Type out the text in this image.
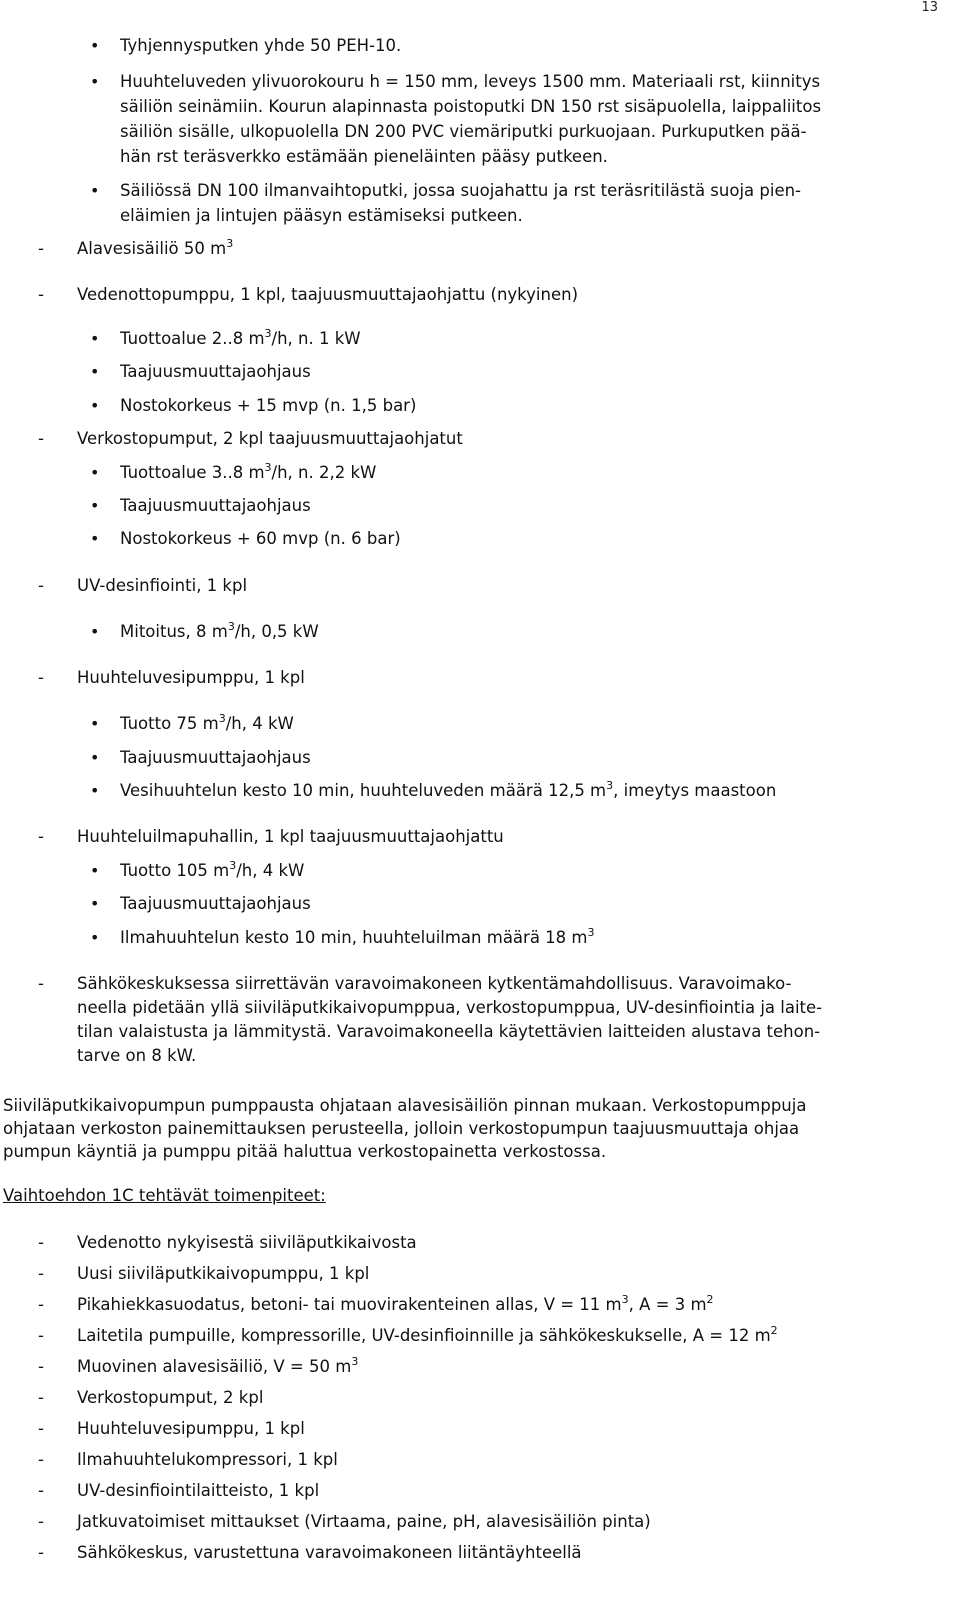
13
• Tyhjennysputken yhde 50 PEH-10.
• Huuhteluveden ylivuorokouru h = 150 mm, leveys 1500 mm. Materiaali rst, kiinnitys
säiliön seinämiin. Kourun alapinnasta poistoputki DN 150 rst sisäpuolella, laippaliitos
säiliön sisälle, ulkopuolella DN 200 PVC viemäriputki purkuojaan. Purkuputken pää-
hän rst teräsverkko estämään pieneläinten pääsy putkeen.
• Säiliössä DN 100 ilmanvaihtoputki, jossa suojahattu ja rst teräsritilästä suoja pien-
eläimien ja lintujen pääsyn estämiseksi putkeen.
- Alavesisäiliö 50 $m^3$
- Vedenottopumppu, 1 kpl, taajuusmuuttajaohjattu (nykyinen)
• Tuottoalue 2..8 $m^3/h$, n. 1 kW
• Taajuusmuuttajaohjaus
• Nostokorkeus + 15 mvp (n. 1,5 bar)
- Verkostopumput, 2 kpl taajuusmuuttajaohjatut
• Tuottoalue 3..8 $m^3/h$, n. 2,2 kW
• Taajuusmuuttajaohjaus
• Nostokorkeus + 60 mvp (n. 6 bar)
- UV-desinfiointi, 1 kpl
• Mitoitus, 8 $m^3/h$, 0,5 kW
- Huuhteluvesipumppu, 1 kpl
• Tuotto 75 $m^3/h$, 4 kW
• Taajuusmuuttajaohjaus
• Vesihuuhtelun kesto 10 min, huuhteluveden määrä 12,5 $m^3$, imeytys maastoon
- Huuhteluilmapuhallin, 1 kpl taajuusmuuttajaohjattu
• Tuotto 105 $m^3/h$, 4 kW
• Taajuusmuuttajaohjaus
• Ilmahuuhtelun kesto 10 min, huuhteluilman määrä 18 $m^3$
- Sähkökeskuksessa siirrettävän varavoimakoneen kytkentämahdollisuus. Varavoimako-
neella pidetään yllä siiviläputkikaivopumppua, verkostopumppua, UV-desinfiointia ja laite-
tilan valaistusta ja lämmitystä. Varavoimakoneella käytettävien laitteiden alustava tehon-
tarve on 8 kW.
Siiviläputkikaivopumpun pumppausta ohjataan alavesisäiliön pinnan mukaan. Verkostopumppuja
ohjataan verkoston painemittauksen perusteella, jolloin verkostopumpun taajuusmuuttaja ohjaa
pumpun käyntiä ja pumppu pitää haluttua verkostopainetta verkostossa.
Vaihtoehdon 1C tehtävät toimenpiteet:
- Vedenotto nykyisestä siiviläputkikaivosta
- Uusi siiviläputkikaivopumppu, 1 kpl
- Pikahiekkasuodatus, betoni- tai muovirakenteinen allas, V = 11 $m^3$, A = 3 $m^2$
- Laitetila pumpuille, kompressorille, UV-desinfioinnille ja sähkökeskukselle, A = 12 $m^2$
- Muovinen alavesisäiliö, V = 50 $m^3$
- Verkostopumput, 2 kpl
- Huuhteluvesipumppu, 1 kpl
- Ilmahuuhtelukompressori, 1 kpl
- UV-desinfiointilaitteisto, 1 kpl
- Jatkuvatoimiset mittaukset (Virtaama, paine, pH, alavesisäiliön pinta)
- Sähkökeskus, varustettuna varavoimakoneen liitäntäyhteellä
